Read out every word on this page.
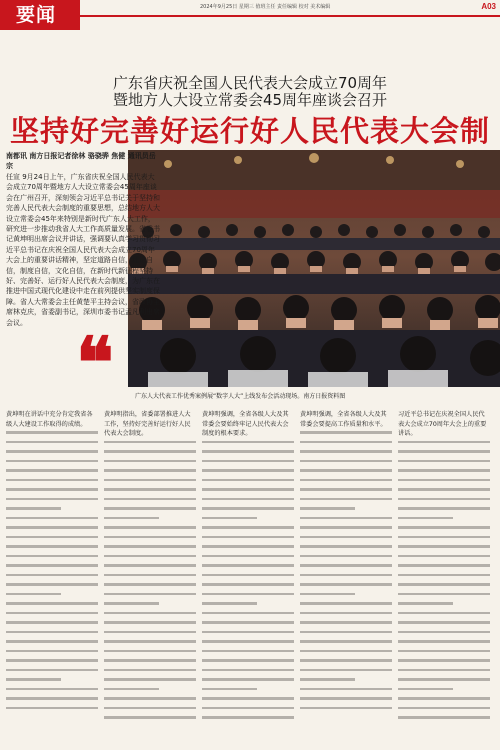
要闻	2024年9月25日 星期三 值班主任 责任编辑 校对 美术编辑	A03
广东省庆祝全国人民代表大会成立70周年
暨地方人大设立常委会45周年座谈会召开
坚持好完善好运行好人民代表大会制
南都讯 南方日报记者徐林 骆骁骅 焦健 通讯员岳宗
任宣 9月24日上午，广东省庆祝全国人民代表大会成立70周年暨地方人大设立常委会45周年座谈会在广州召开，深刻领会习近平总书记关于坚持和完善人民代表大会制度的重要思想，总结地方人大设立常委会45年来特别是新时代广东人大工作，研究进一步推动我省人大工作高质量发展。省委书记黄坤明出席会议并讲话，强调要认真学习贯彻习近平总书记在庆祝全国人民代表大会成立70周年大会上的重要讲话精神，坚定道路自信，理论自信，制度自信，文化自信，在新时代新征程坚持好、完善好、运行好人民代表大会制度，为广东在推进中国式现代化建设中走在前列提供坚实制度保障。省人大常委会主任黄楚平主持会议，省政协主席林克庆，省委副书记，深圳市委书记孟凡利出席会议。
广东人大代表工作优秀案例展“数字人大”上线发布会活动现场。南方日报资料图
❝

黄坤明在讲话中充分肯定我省各级人大建设工作取得的成绩。

黄坤明指出，省委部署推进人大工作，坚持好完善好运行好人民代表大会制度。

黄坤明强调，全省各级人大及其常委会要始终牢记人民代表大会制度的根本要求。

黄坤明强调，全省各级人大及其常委会要提高工作质量和水平。

习近平总书记在庆祝全国人民代表大会成立70周年大会上的重要讲话。
